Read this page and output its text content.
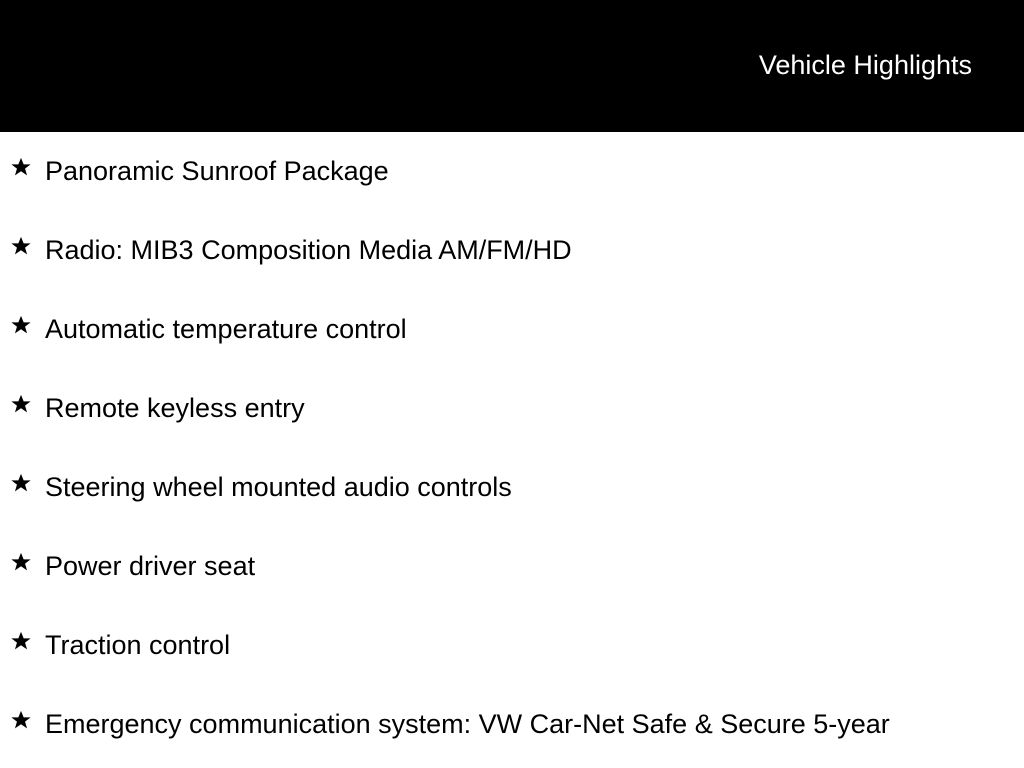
Vehicle Highlights
Panoramic Sunroof Package
Radio: MIB3 Composition Media AM/FM/HD
Automatic temperature control
Remote keyless entry
Steering wheel mounted audio controls
Power driver seat
Traction control
Emergency communication system: VW Car-Net Safe & Secure 5-year
